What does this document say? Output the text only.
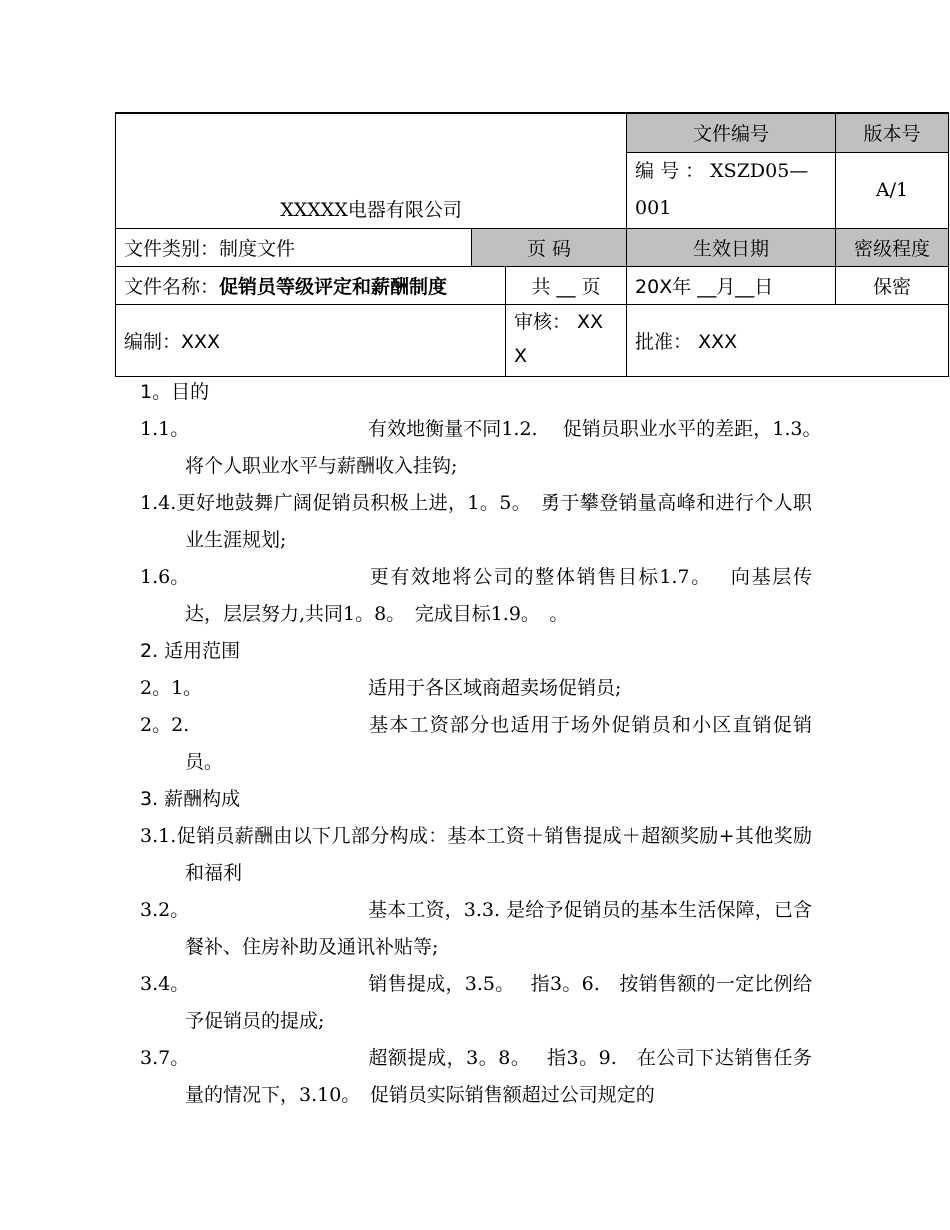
XXXXX电器有限公司			文件编号	版本号

			编 号 ： XSZD05—
001	A/1
文件类别：制度文件	页 码		生效日期	密级程度
文件名称：促销员等级评定和薪酬制度		共 __ 页	20X年 __月__日	保密
编制：XXX		审核： XX
X	批准： XXX	

1。目的

1.1。	有效地衡量不同1.2.　 促销员职业水平的差距，1.3。　　　　将个人职业水平与薪酬收入挂钩;

1.4.更好地鼓舞广阔促销员积极上进，1。5。　勇于攀登销量高峰和进行个人职业生涯规划;

1.6。	更有效地将公司的整体销售目标1.7。　 向基层传达，层层努力,共同1。8。　完成目标1.9。　。

2. 适用范围

2。1。	适用于各区域商超卖场促销员;

2。2.	基本工资部分也适用于场外促销员和小区直销促销员。

3. 薪酬构成

3.1.促销员薪酬由以下几部分构成：基本工资＋销售提成＋超额奖励+其他奖励和福利

3.2。	基本工资，3.3. 是给予促销员的基本生活保障，已含餐补、住房补助及通讯补贴等;

3.4。	销售提成，3.5。　 指3。6.　按销售额的一定比例给予促销员的提成;

3.7。	超额提成，3。8。　 指3。9.　在公司下达销售任务量的情况下，3.10。　促销员实际销售额超过公司规定的
